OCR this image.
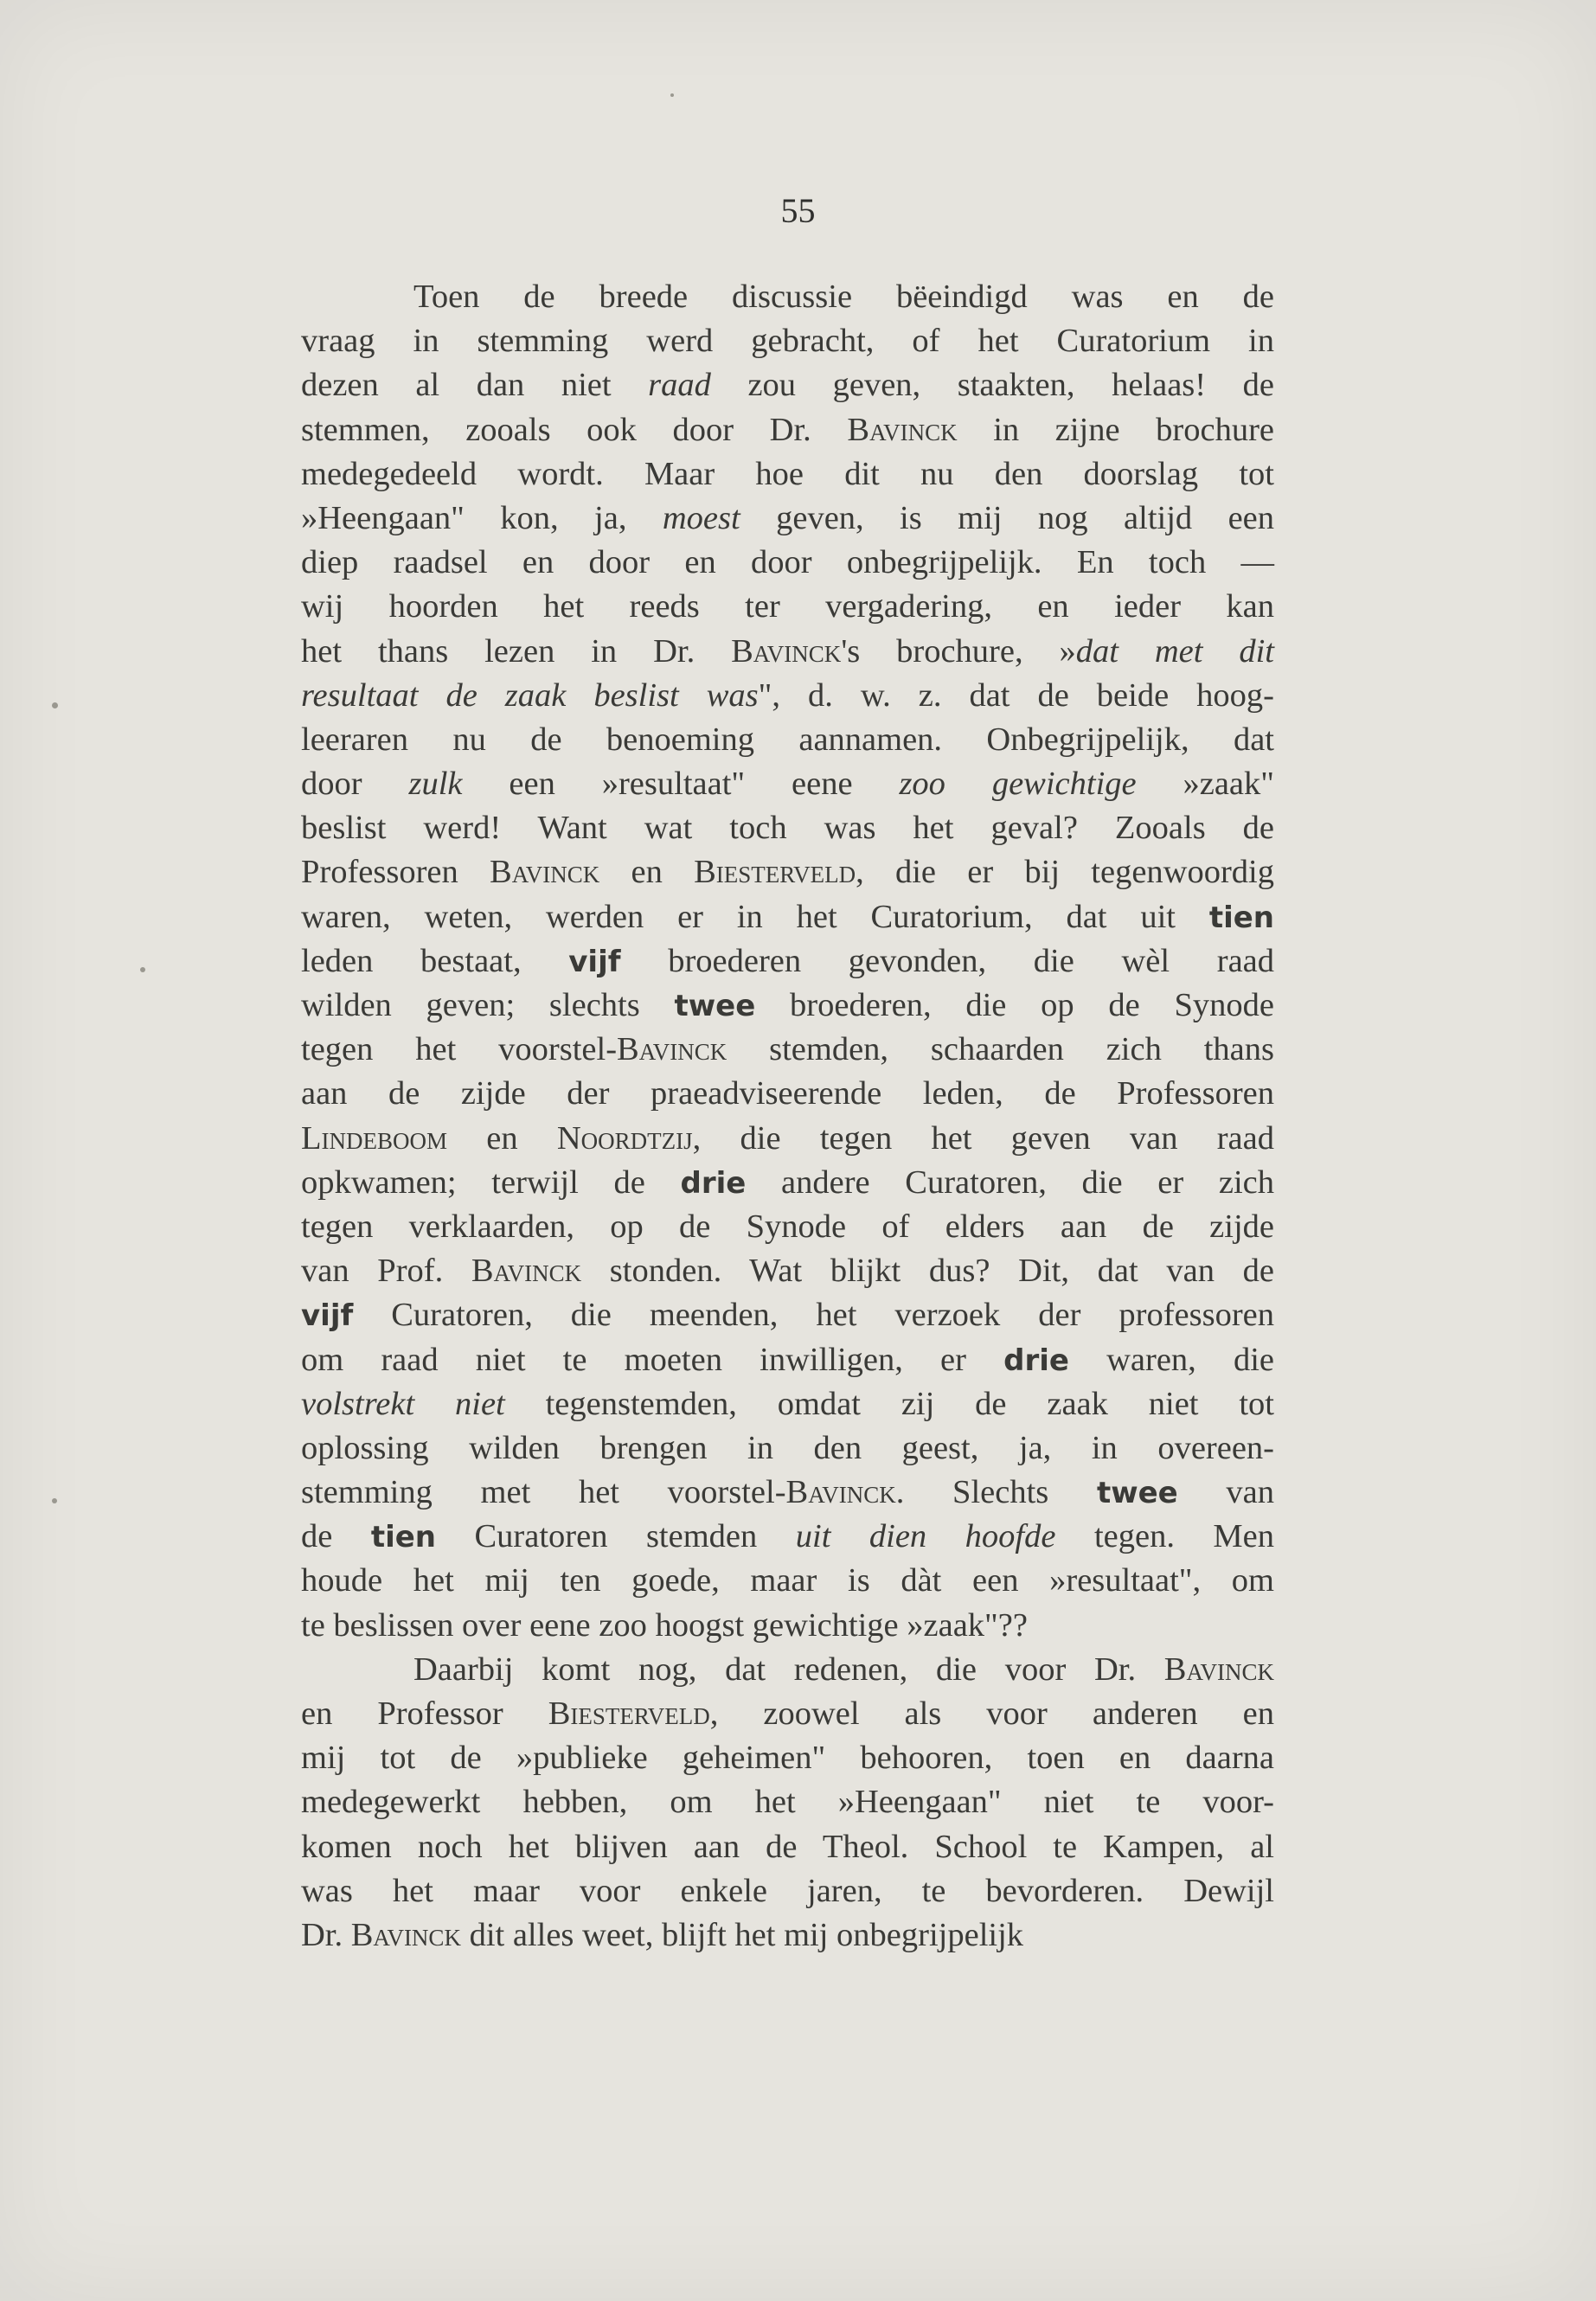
55
Toen de breede discussie bëeindigd was en de
vraag in stemming werd gebracht, of het Curatorium in
dezen al dan niet raad zou geven, staakten, helaas! de
stemmen, zooals ook door Dr. Bavinck in zijne brochure
medegedeeld wordt. Maar hoe dit nu den doorslag tot
»Heengaan" kon, ja, moest geven, is mij nog altijd een
diep raadsel en door en door onbegrijpelijk. En toch —
wij hoorden het reeds ter vergadering, en ieder kan
het thans lezen in Dr. Bavinck's brochure, »dat met dit
resultaat de zaak beslist was", d. w. z. dat de beide hoog-
leeraren nu de benoeming aannamen. Onbegrijpelijk, dat
door zulk een »resultaat" eene zoo gewichtige »zaak"
beslist werd! Want wat toch was het geval? Zooals de
Professoren Bavinck en Biesterveld, die er bij tegenwoordig
waren, weten, werden er in het Curatorium, dat uit tien
leden bestaat, vijf broederen gevonden, die wèl raad
wilden geven; slechts twee broederen, die op de Synode
tegen het voorstel-Bavinck stemden, schaarden zich thans
aan de zijde der praeadviseerende leden, de Professoren
Lindeboom en Noordtzij, die tegen het geven van raad
opkwamen; terwijl de drie andere Curatoren, die er zich
tegen verklaarden, op de Synode of elders aan de zijde
van Prof. Bavinck stonden. Wat blijkt dus? Dit, dat van de
vijf Curatoren, die meenden, het verzoek der professoren
om raad niet te moeten inwilligen, er drie waren, die
volstrekt niet tegenstemden, omdat zij de zaak niet tot
oplossing wilden brengen in den geest, ja, in overeen-
stemming met het voorstel-Bavinck. Slechts twee van
de tien Curatoren stemden uit dien hoofde tegen. Men
houde het mij ten goede, maar is dàt een »resultaat", om
te beslissen over eene zoo hoogst gewichtige »zaak"??
Daarbij komt nog, dat redenen, die voor Dr. Bavinck
en Professor Biesterveld, zoowel als voor anderen en
mij tot de »publieke geheimen" behooren, toen en daarna
medegewerkt hebben, om het »Heengaan" niet te voor-
komen noch het blijven aan de Theol. School te Kampen, al
was het maar voor enkele jaren, te bevorderen. Dewijl
Dr. Bavinck dit alles weet, blijft het mij onbegrijpelijk
